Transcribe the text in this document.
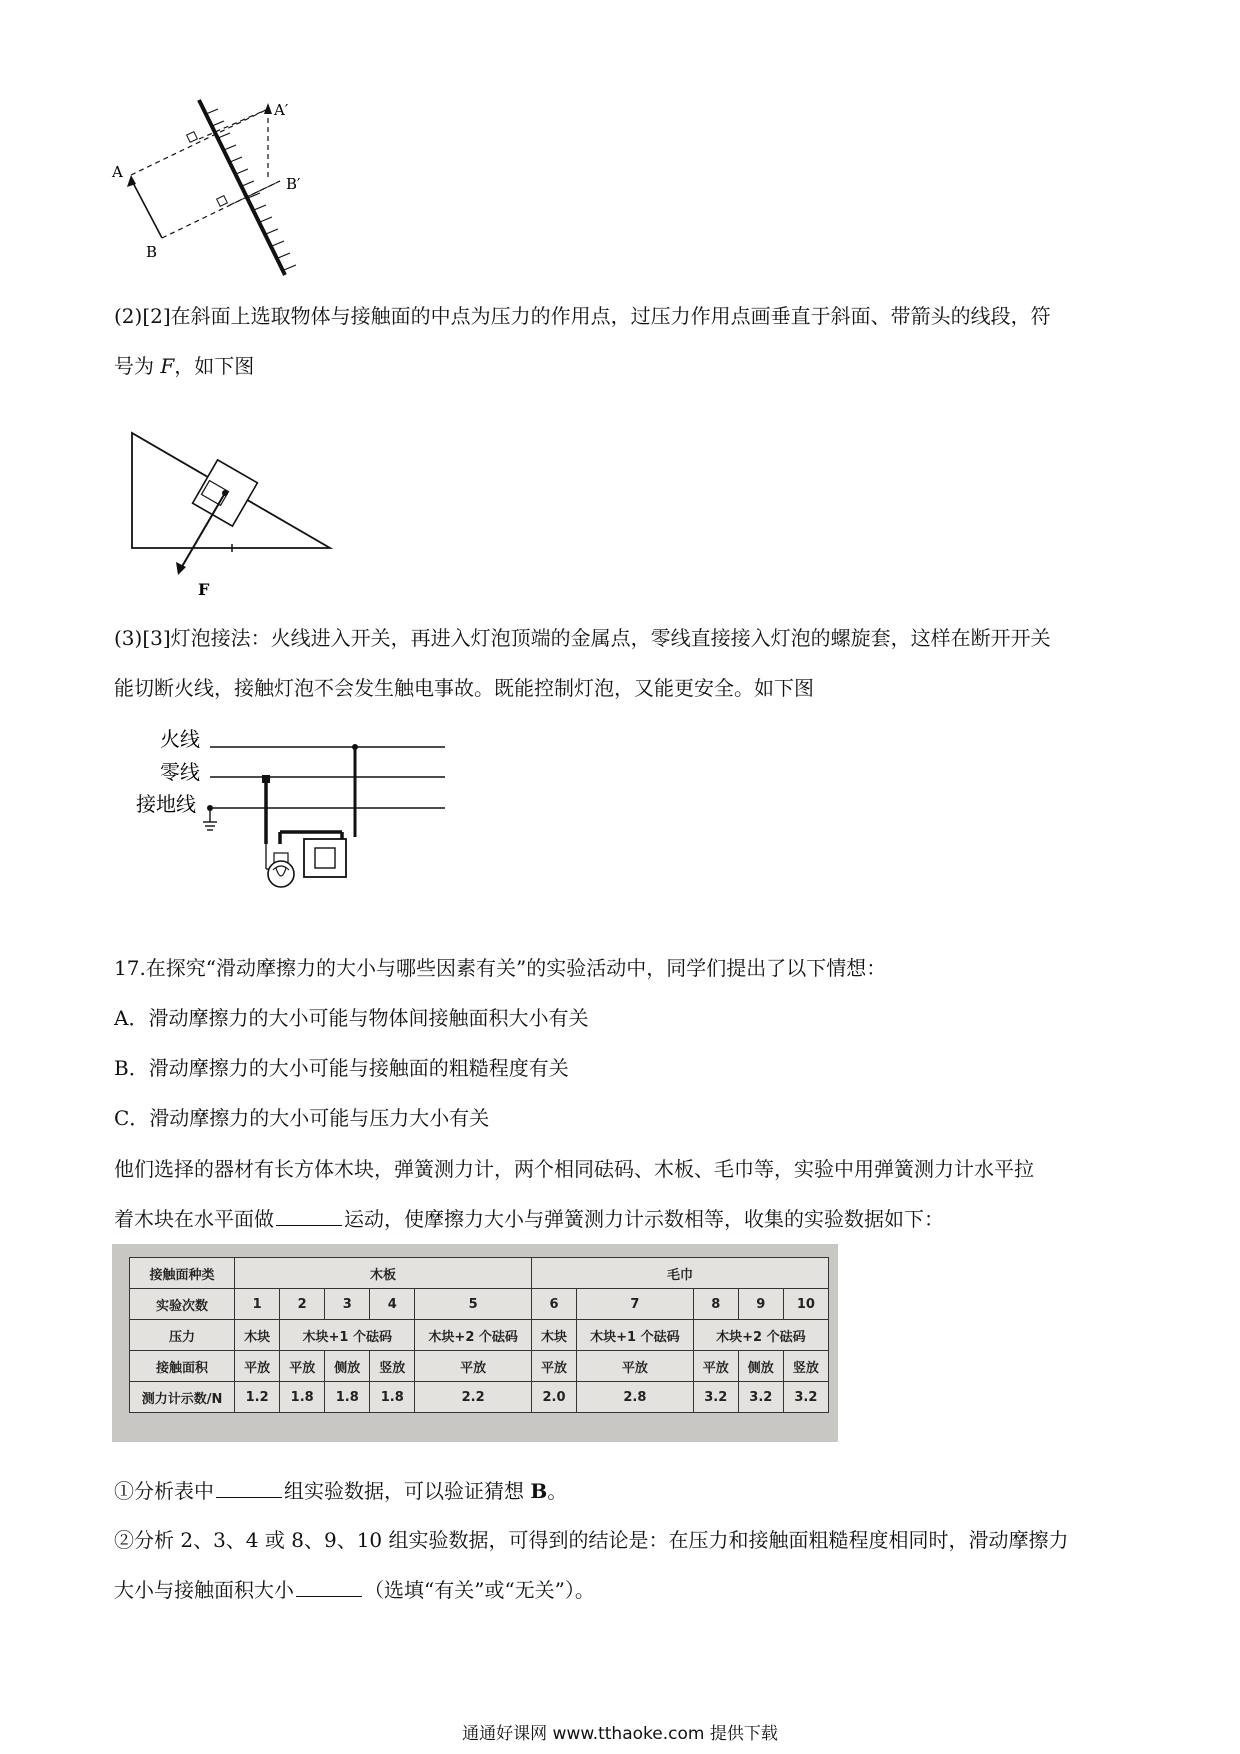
A
B
A′
B′
(2)[2]在斜面上选取物体与接触面的中点为压力的作用点，过压力作用点画垂直于斜面、带箭头的线段，符
号为 F，如下图
F
(3)[3]灯泡接法：火线进入开关，再进入灯泡顶端的金属点，零线直接接入灯泡的螺旋套，这样在断开开关
能切断火线，接触灯泡不会发生触电事故。既能控制灯泡，又能更安全。如下图
火线
零线
接地线
17.在探究“滑动摩擦力的大小与哪些因素有关”的实验活动中，同学们提出了以下情想：
A．滑动摩擦力的大小可能与物体间接触面积大小有关
B．滑动摩擦力的大小可能与接触面的粗糙程度有关
C．滑动摩擦力的大小可能与压力大小有关
他们选择的器材有长方体木块，弹簧测力计，两个相同砝码、木板、毛巾等，实验中用弹簧测力计水平拉
着木块在水平面做	运动，使摩擦力大小与弹簧测力计示数相等，收集的实验数据如下：
接触面种类	木板					毛巾				
实验次数	1	2	3	4	5	6	7	8	9	10
压力	木块	木块+1 个砝码			木块+2 个砝码	木块	木块+1 个砝码	木块+2 个砝码		
接触面积	平放	平放	侧放	竖放	平放	平放	平放	平放	侧放	竖放
测力计示数/N	1.2	1.8	1.8	1.8	2.2	2.0	2.8	3.2	3.2	3.2
①分析表中	组实验数据，可以验证猜想 B。
②分析 2、3、4 或 8、9、10 组实验数据，可得到的结论是：在压力和接触面粗糙程度相同时，滑动摩擦力
大小与接触面积大小	（选填“有关”或“无关”）。
通通好课网 www.tthaoke.com 提供下载
